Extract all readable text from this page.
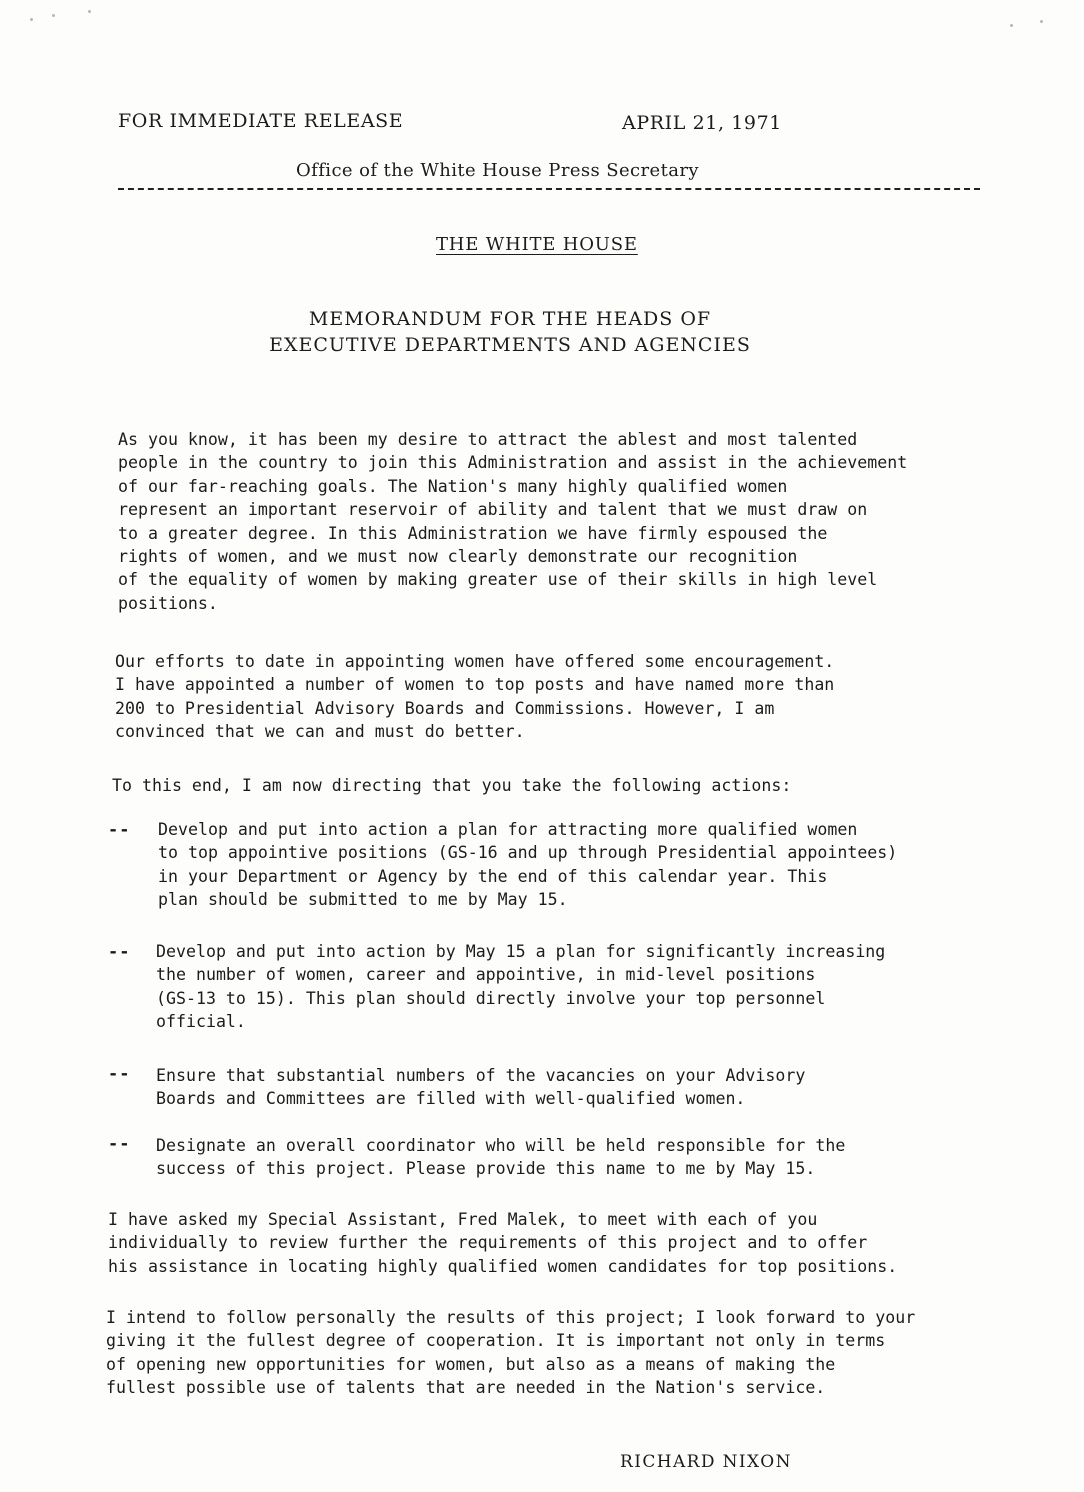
FOR IMMEDIATE RELEASE	APRIL 21, 1971
Office of the White House Press Secretary
THE WHITE HOUSE
MEMORANDUM FOR THE HEADS OF
EXECUTIVE DEPARTMENTS AND AGENCIES
As you know, it has been my desire to attract the ablest and most talented
people in the country to join this Administration and assist in the achievement
of our far-reaching goals. The Nation's many highly qualified women
represent an important reservoir of ability and talent that we must draw on
to a greater degree. In this Administration we have firmly espoused the
rights of women, and we must now clearly demonstrate our recognition
of the equality of women by making greater use of their skills in high level
positions.
Our efforts to date in appointing women have offered some encouragement.
I have appointed a number of women to top posts and have named more than
200 to Presidential Advisory Boards and Commissions. However, I am
convinced that we can and must do better.
To this end, I am now directing that you take the following actions:
-- Develop and put into action a plan for attracting more qualified women
to top appointive positions (GS-16 and up through Presidential appointees)
in your Department or Agency by the end of this calendar year. This
plan should be submitted to me by May 15.
-- Develop and put into action by May 15 a plan for significantly increasing
the number of women, career and appointive, in mid-level positions
(GS-13 to 15). This plan should directly involve your top personnel
official.
-- Ensure that substantial numbers of the vacancies on your Advisory
Boards and Committees are filled with well-qualified women.
-- Designate an overall coordinator who will be held responsible for the
success of this project. Please provide this name to me by May 15.
I have asked my Special Assistant, Fred Malek, to meet with each of you
individually to review further the requirements of this project and to offer
his assistance in locating highly qualified women candidates for top positions.
I intend to follow personally the results of this project; I look forward to your
giving it the fullest degree of cooperation. It is important not only in terms
of opening new opportunities for women, but also as a means of making the
fullest possible use of talents that are needed in the Nation's service.
RICHARD NIXON
